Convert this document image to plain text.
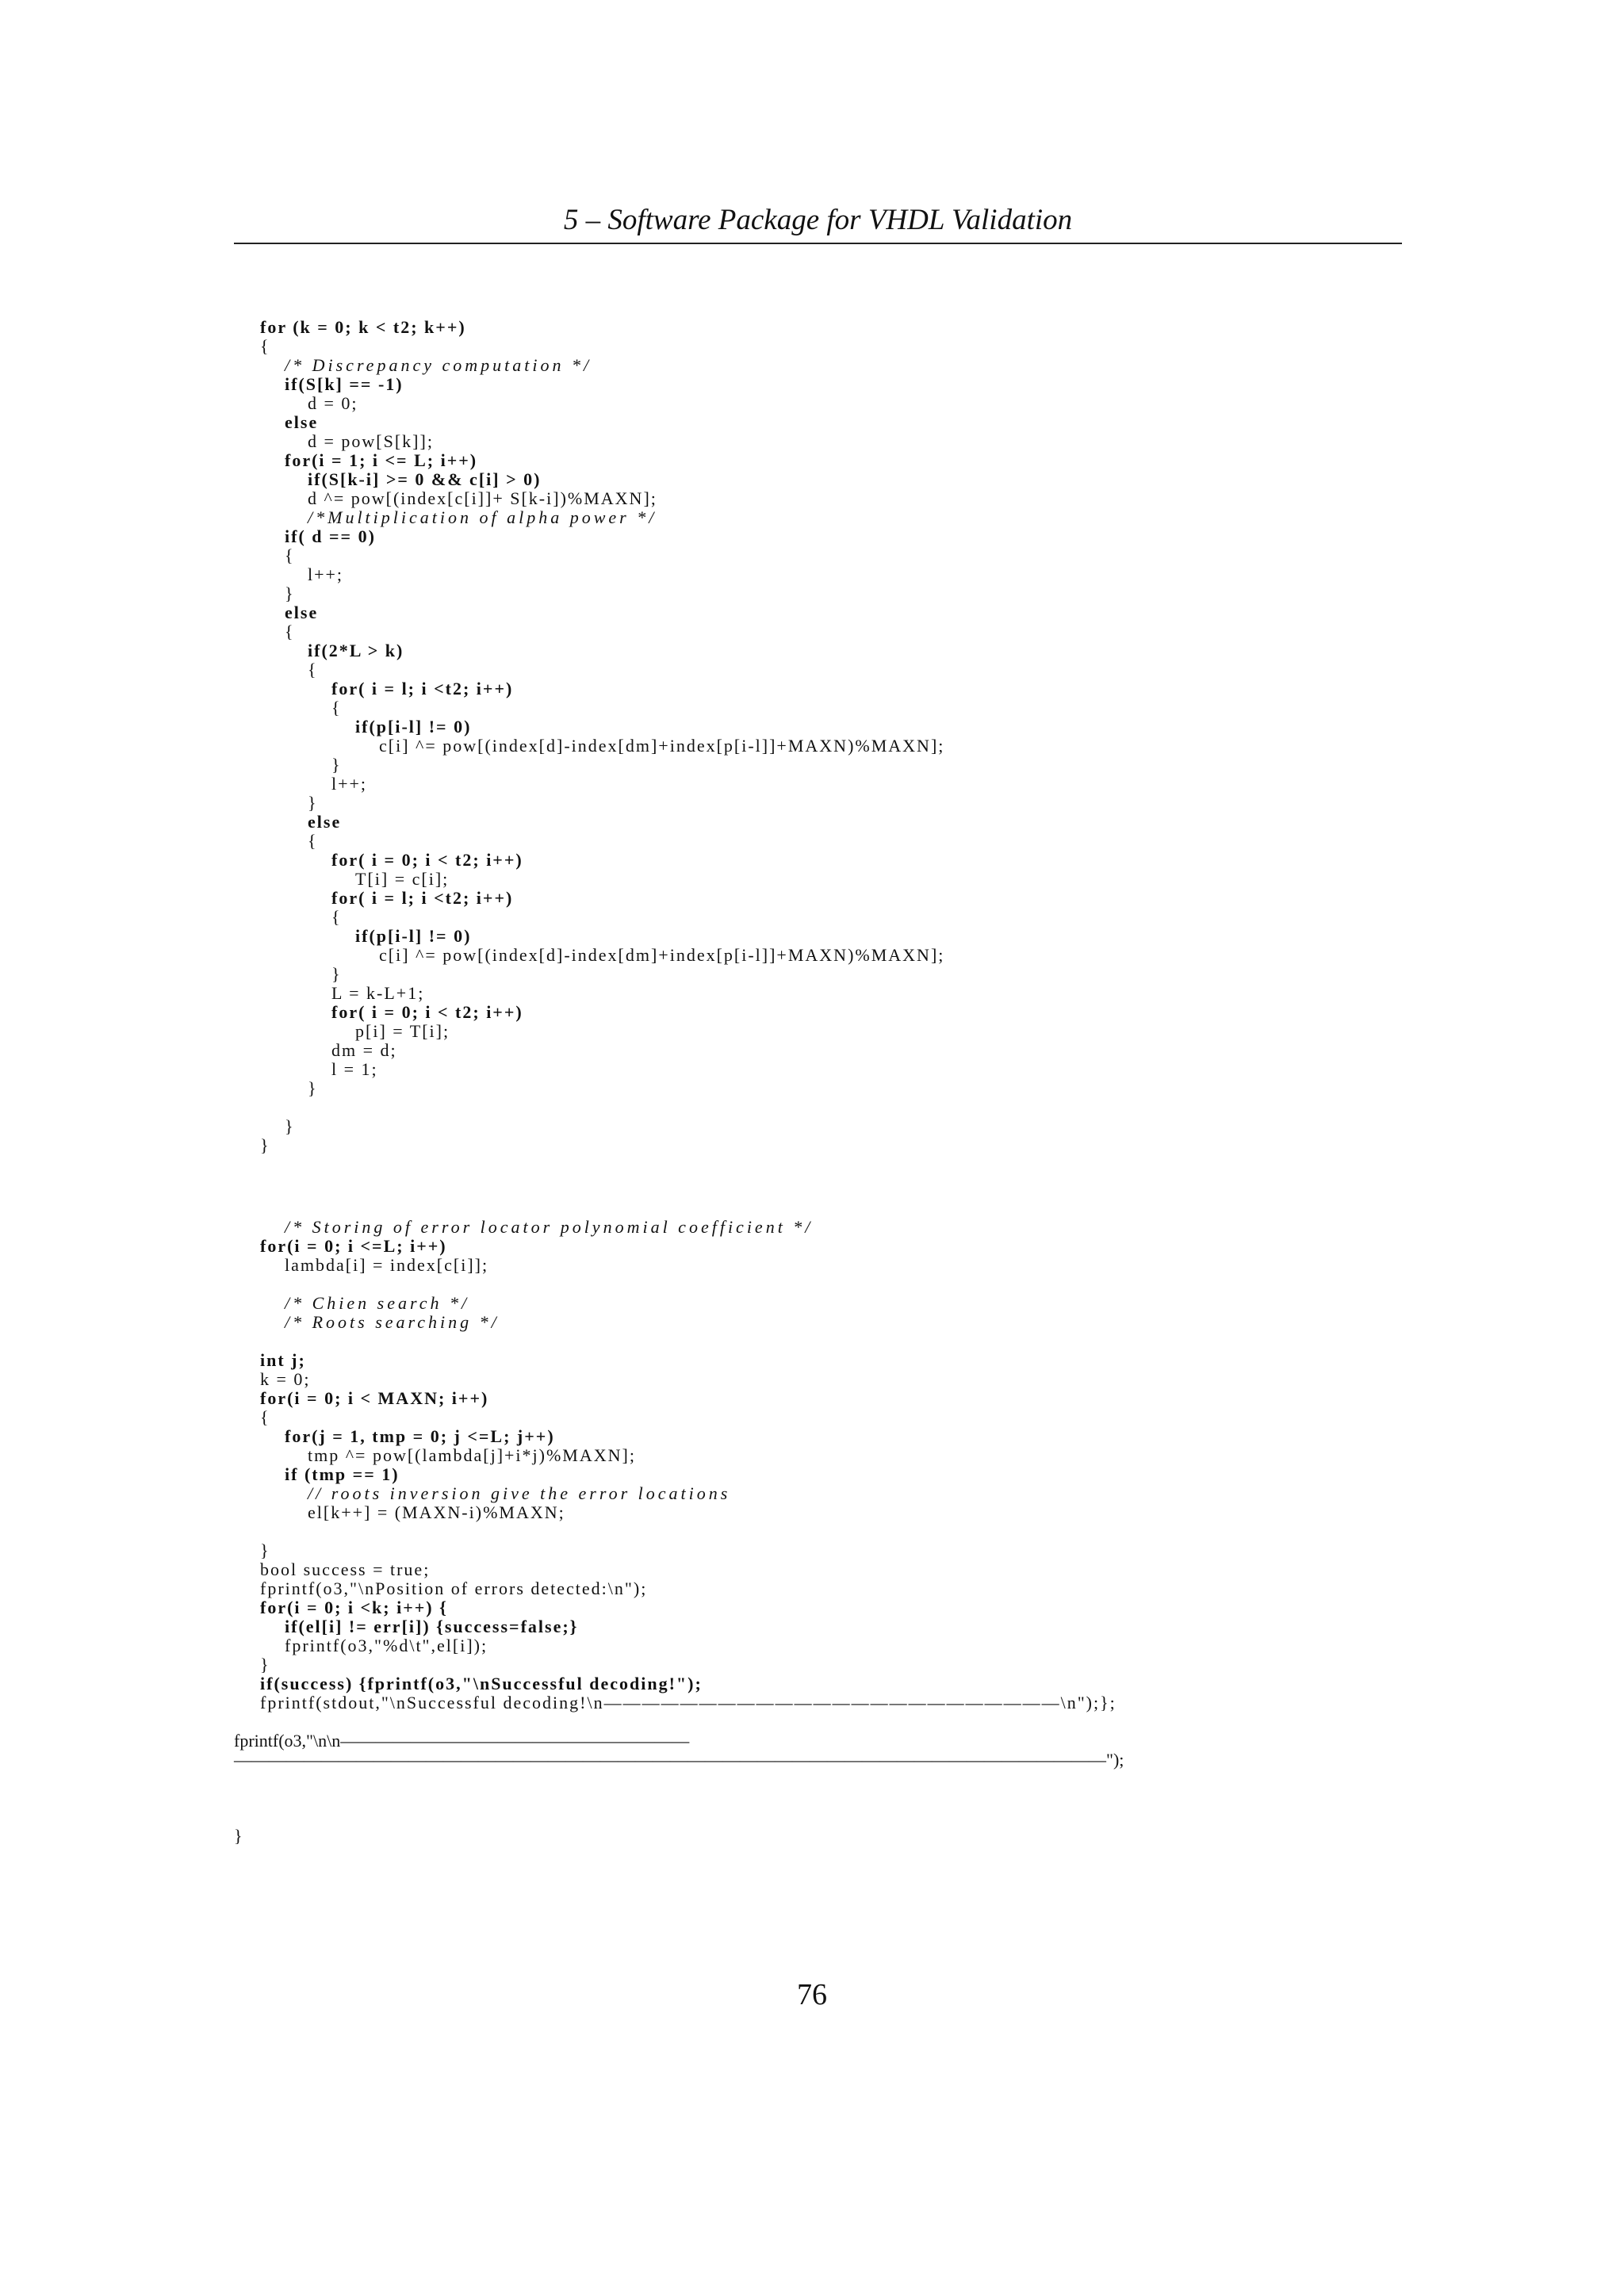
5 – Software Package for VHDL Validation
for (k = 0; k < t2; k++)
{
/* Discrepancy computation */
if(S[k] == -1)
d = 0;
else
d = pow[S[k]];
for(i = 1; i <= L; i++)
if(S[k-i] >= 0 && c[i] > 0)
d ^= pow[(index[c[i]]+ S[k-i])%MAXN];
/*Multiplication of alpha power */
if( d == 0)
{
l++;
}
else
{
if(2*L > k)
{
for( i = l; i <t2; i++)
{
if(p[i-l] != 0)
c[i] ^= pow[(index[d]-index[dm]+index[p[i-l]]+MAXN)%MAXN];
}
l++;
}
else
{
for( i = 0; i < t2; i++)
T[i] = c[i];
for( i = l; i <t2; i++)
{
if(p[i-l] != 0)
c[i] ^= pow[(index[d]-index[dm]+index[p[i-l]]+MAXN)%MAXN];
}
L = k-L+1;
for( i = 0; i < t2; i++)
p[i] = T[i];
dm = d;
l = 1;
}
}
}
/* Storing of error locator polynomial coefficient */
for(i = 0; i <=L; i++)
lambda[i] = index[c[i]];
/* Chien search */
/* Roots searching */
int j;
k = 0;
for(i = 0; i < MAXN; i++)
{
for(j = 1, tmp = 0; j <=L; j++)
tmp ^= pow[(lambda[j]+i*j)%MAXN];
if (tmp == 1)
// roots inversion give the error locations
el[k++] = (MAXN-i)%MAXN;
}
bool success = true;
fprintf(o3,"\nPosition of errors detected:\n");
for(i = 0; i <k; i++) {
if(el[i] != err[i]) {success=false;}
fprintf(o3,"%d\t",el[i]);
}
if(success) {fprintf(o3,"\nSuccessful decoding!");
fprintf(stdout,"\nSuccessful decoding!\n————————————————————————\n");};
fprintf(o3,"\n\n————————————————————
——————————————————————————————————————————————————");
}
76
